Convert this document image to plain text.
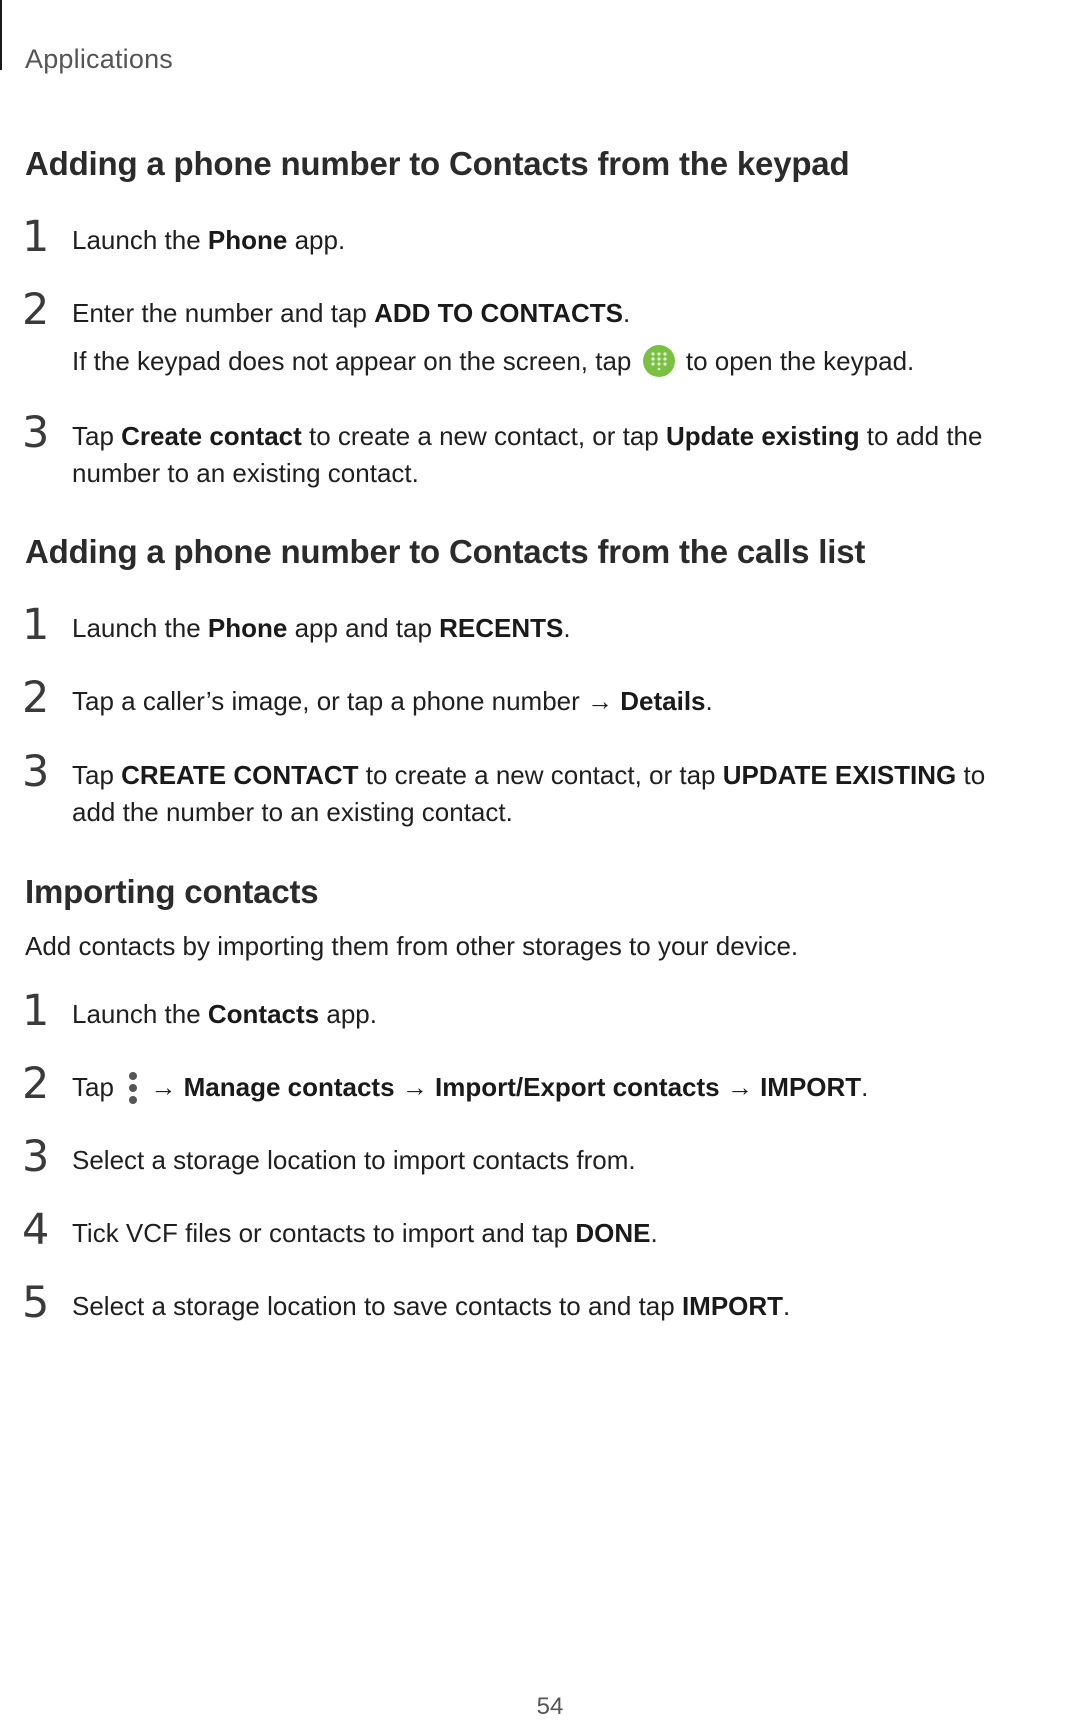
Applications
Adding a phone number to Contacts from the keypad
1 Launch the Phone app.
2 Enter the number and tap ADD TO CONTACTS.
If the keypad does not appear on the screen, tap
to open the keypad.
3 Tap Create contact to create a new contact, or tap Update existing to add the number to an existing contact.
Adding a phone number to Contacts from the calls list
1 Launch the Phone app and tap RECENTS.
2 Tap a caller’s image, or tap a phone number → Details.
3 Tap CREATE CONTACT to create a new contact, or tap UPDATE EXISTING to add the number to an existing contact.
Importing contacts
Add contacts by importing them from other storages to your device.
1 Launch the Contacts app.
2 Tap  → Manage contacts → Import/Export contacts → IMPORT.
3 Select a storage location to import contacts from.
4 Tick VCF files or contacts to import and tap DONE.
5 Select a storage location to save contacts to and tap IMPORT.
54
